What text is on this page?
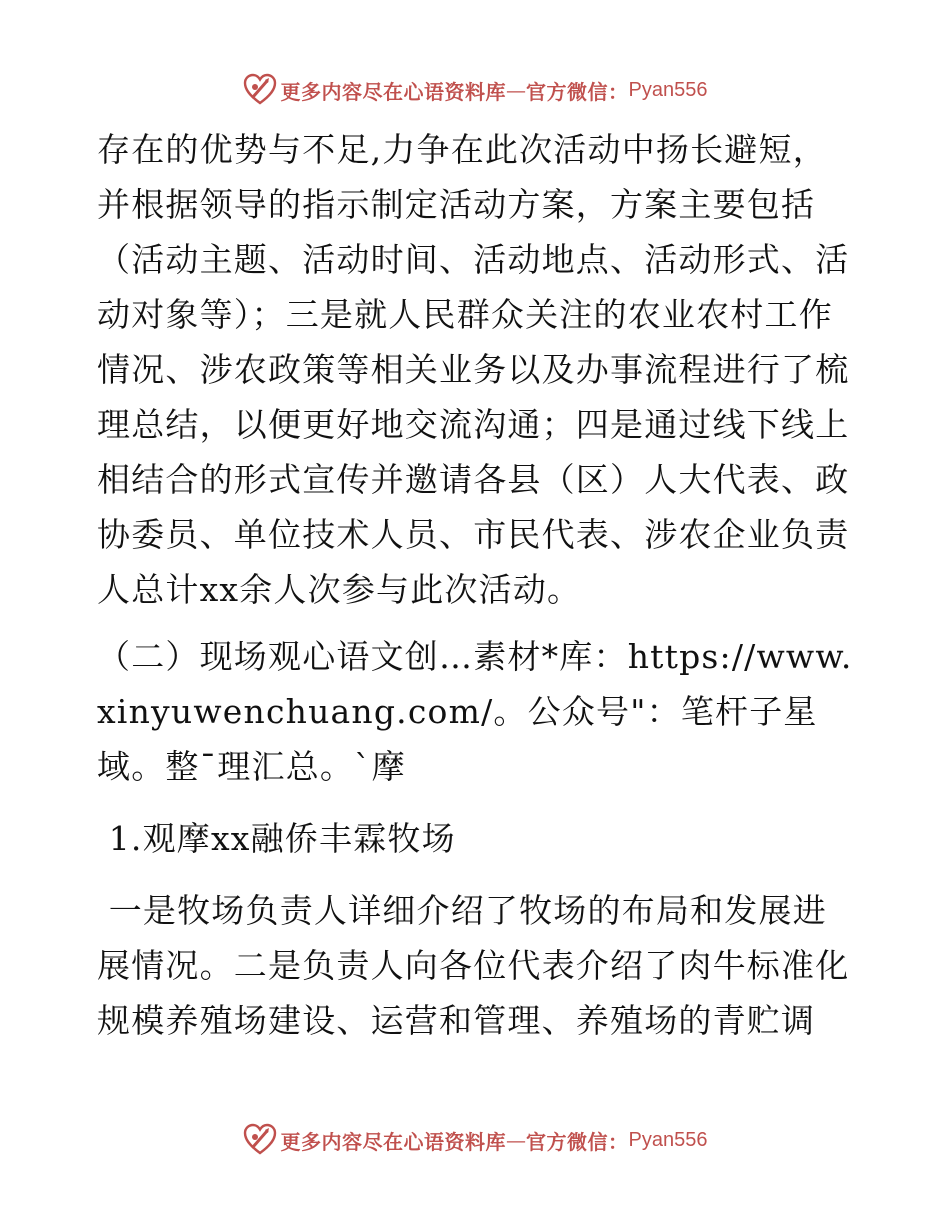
更多内容尽在心语资料库 — 官方微信： Pyan556

存在的优势与不足,力争在此次活动中扬长避短，并根据领导的指示制定活动方案，方案主要包括（活动主题、活动时间、活动地点、活动形式、活动对象等）；三是就人民群众关注的农业农村工作情况、涉农政策等相关业务以及办事流程进行了梳理总结，以便更好地交流沟通；四是通过线下线上相结合的形式宣传并邀请各县（区）人大代表、政协委员、单位技术人员、市民代表、涉农企业负责人总计xx余人次参与此次活动。

（二）现场观心语文创…素材*库：https://www.xinyuwenchuang.com/。公众号"：笔杆子星域。整¯理汇总。`摩

1.观摩xx融侨丰霖牧场

一是牧场负责人详细介绍了牧场的布局和发展进展情况。二是负责人向各位代表介绍了肉牛标准化规模养殖场建设、运营和管理、养殖场的青贮调

更多内容尽在心语资料库 — 官方微信： Pyan556
